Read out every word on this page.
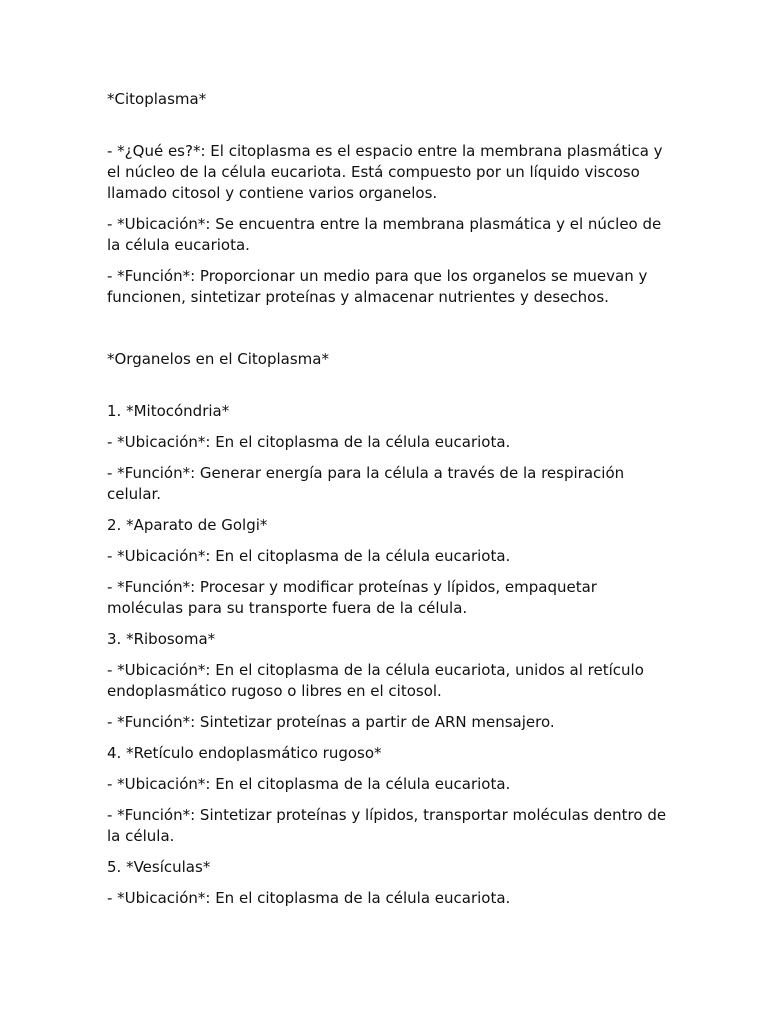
*Citoplasma*

- *¿Qué es?*: El citoplasma es el espacio entre la membrana plasmática y el núcleo de la célula eucariota. Está compuesto por un líquido viscoso llamado citosol y contiene varios organelos.

- *Ubicación*: Se encuentra entre la membrana plasmática y el núcleo de la célula eucariota.

- *Función*: Proporcionar un medio para que los organelos se muevan y funcionen, sintetizar proteínas y almacenar nutrientes y desechos.

*Organelos en el Citoplasma*

1. *Mitocóndria*

- *Ubicación*: En el citoplasma de la célula eucariota.

- *Función*: Generar energía para la célula a través de la respiración celular.

2. *Aparato de Golgi*

- *Ubicación*: En el citoplasma de la célula eucariota.

- *Función*: Procesar y modificar proteínas y lípidos, empaquetar moléculas para su transporte fuera de la célula.

3. *Ribosoma*

- *Ubicación*: En el citoplasma de la célula eucariota, unidos al retículo endoplasmático rugoso o libres en el citosol.

- *Función*: Sintetizar proteínas a partir de ARN mensajero.

4. *Retículo endoplasmático rugoso*

- *Ubicación*: En el citoplasma de la célula eucariota.

- *Función*: Sintetizar proteínas y lípidos, transportar moléculas dentro de la célula.

5. *Vesículas*

- *Ubicación*: En el citoplasma de la célula eucariota.
